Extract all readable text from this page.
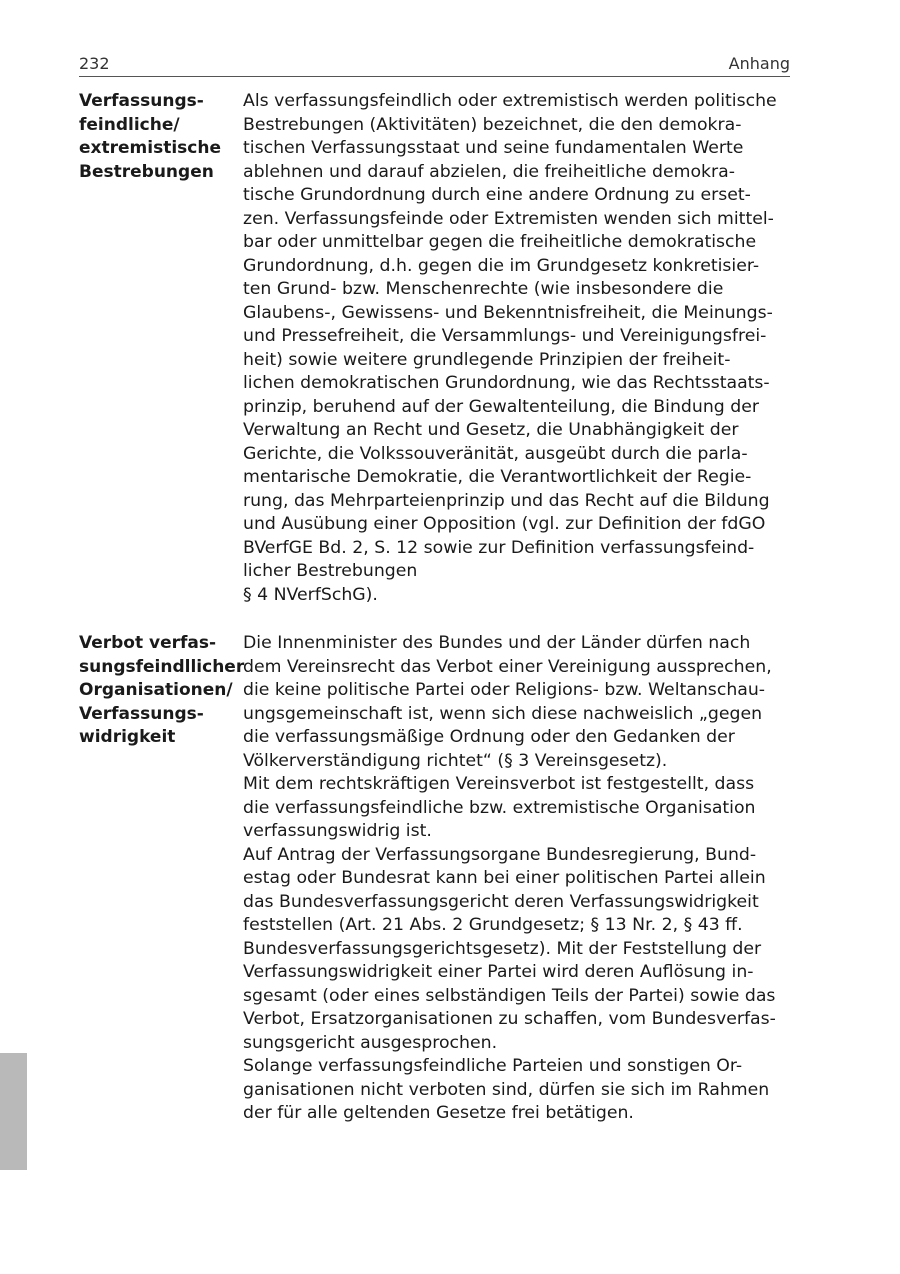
232	Anhang
Verfassungs-
feindliche/
extremistische
Bestrebungen
Als verfassungsfeindlich oder extremistisch werden politische
Bestrebungen (Aktivitäten) bezeichnet, die den demokra-
tischen Verfassungsstaat und seine fundamentalen Werte
ablehnen und darauf abzielen, die freiheitliche demokra-
tische Grundordnung durch eine andere Ordnung zu erset-
zen. Verfassungsfeinde oder Extremisten wenden sich mittel-
bar oder unmittelbar gegen die freiheitliche demokratische
Grundordnung, d.h. gegen die im Grundgesetz konkretisier-
ten Grund- bzw. Menschenrechte (wie insbesondere die
Glaubens-, Gewissens- und Bekenntnisfreiheit, die Meinungs-
und Pressefreiheit, die Versammlungs- und Vereinigungsfrei-
heit) sowie weitere grundlegende Prinzipien der freiheit-
lichen demokratischen Grundordnung, wie das Rechtsstaats-
prinzip, beruhend auf der Gewaltenteilung, die Bindung der
Verwaltung an Recht und Gesetz, die Unabhängigkeit der
Gerichte, die Volkssouveränität, ausgeübt durch die parla-
mentarische Demokratie, die Verantwortlichkeit der Regie-
rung, das Mehrparteienprinzip und das Recht auf die Bildung
und Ausübung einer Opposition (vgl. zur Definition der fdGO
BVerfGE Bd. 2, S. 12 sowie zur Definition verfassungsfeind-
licher Bestrebungen
§ 4 NVerfSchG).
Verbot verfas-
sungsfeindllicher
Organisationen/
Verfassungs-
widrigkeit
Die Innenminister des Bundes und der Länder dürfen nach
dem Vereinsrecht das Verbot einer Vereinigung aussprechen,
die keine politische Partei oder Religions- bzw. Weltanschau-
ungsgemeinschaft ist, wenn sich diese nachweislich „gegen
die verfassungsmäßige Ordnung oder den Gedanken der
Völkerverständigung richtet“ (§ 3 Vereinsgesetz).
Mit dem rechtskräftigen Vereinsverbot ist festgestellt, dass
die verfassungsfeindliche bzw. extremistische Organisation
verfassungswidrig ist.
Auf Antrag der Verfassungsorgane Bundesregierung, Bund-
estag oder Bundesrat kann bei einer politischen Partei allein
das Bundesverfassungsgericht deren Verfassungswidrigkeit
feststellen (Art. 21 Abs. 2 Grundgesetz; § 13 Nr. 2, § 43 ff.
Bundesverfassungsgerichtsgesetz). Mit der Feststellung der
Verfassungswidrigkeit einer Partei wird deren Auflösung in-
sgesamt (oder eines selbständigen Teils der Partei) sowie das
Verbot, Ersatzorganisationen zu schaffen, vom Bundesverfas-
sungsgericht ausgesprochen.
Solange verfassungsfeindliche Parteien und sonstigen Or-
ganisationen nicht verboten sind, dürfen sie sich im Rahmen
der für alle geltenden Gesetze frei betätigen.
